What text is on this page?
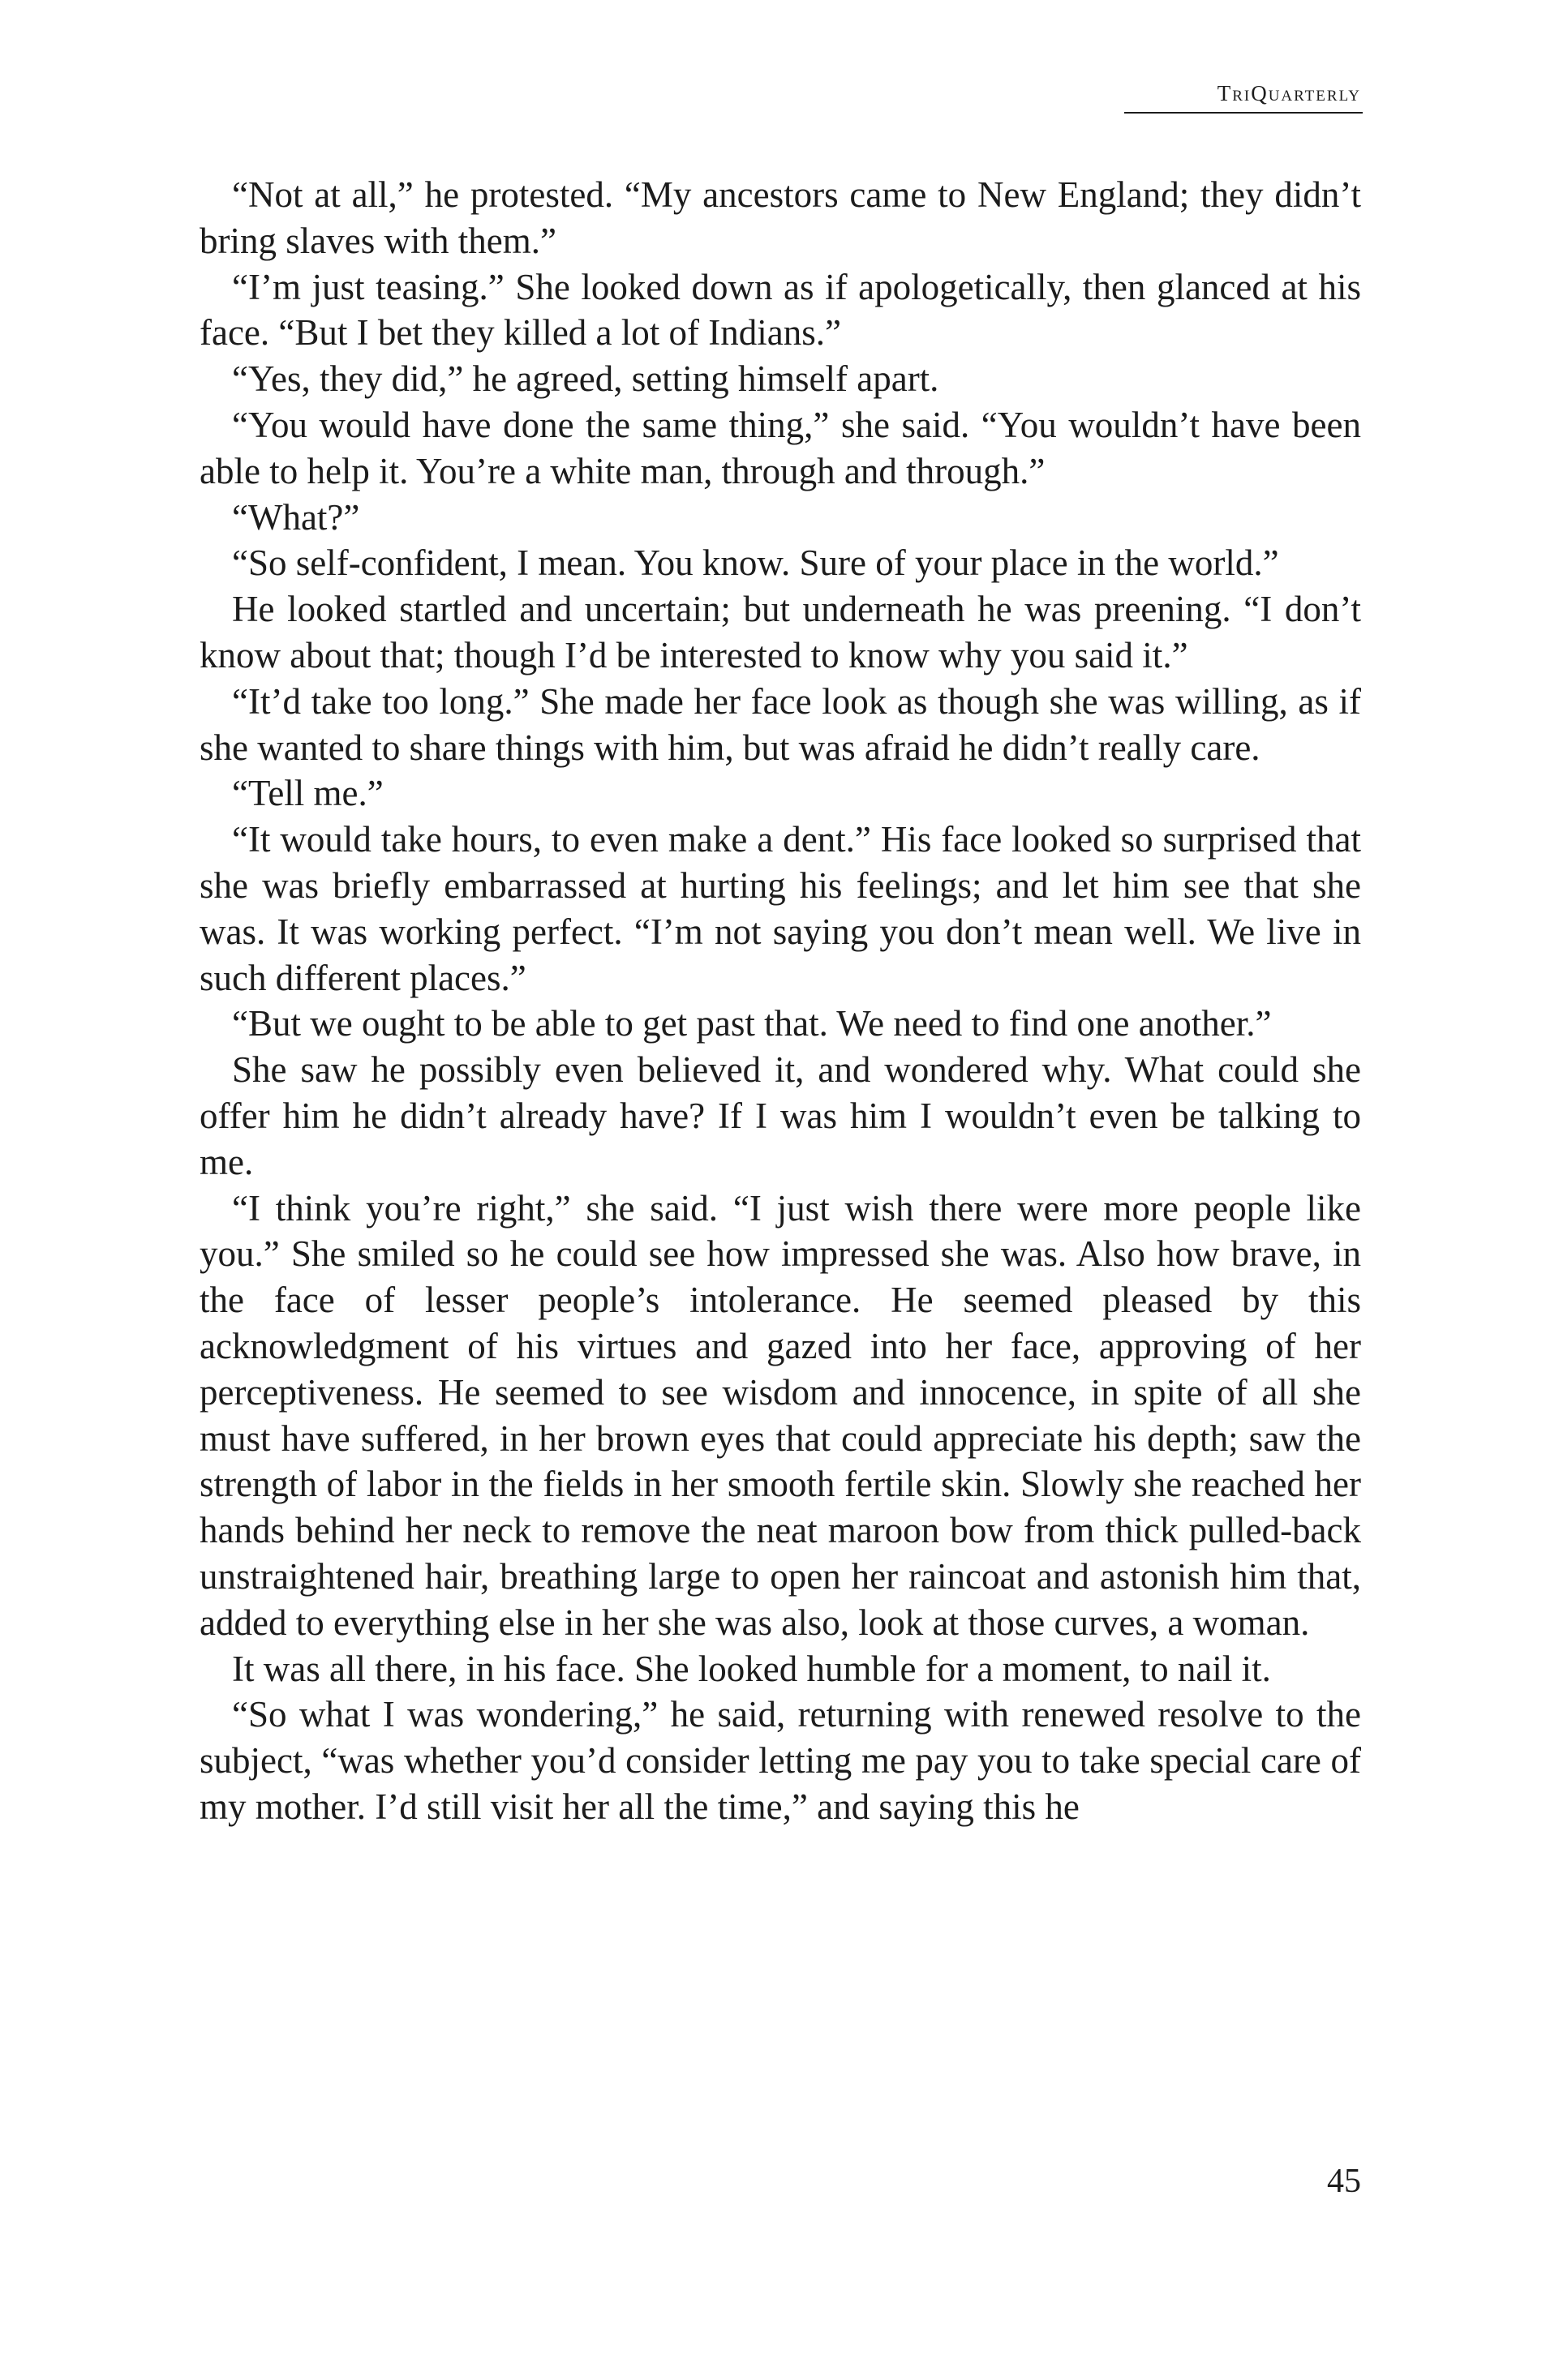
TriQuarterly

“Not at all,” he protested. “My ancestors came to New England; they didn’t bring slaves with them.”

“I’m just teasing.” She looked down as if apologetically, then glanced at his face. “But I bet they killed a lot of Indians.”

“Yes, they did,” he agreed, setting himself apart.

“You would have done the same thing,” she said. “You wouldn’t have been able to help it. You’re a white man, through and through.”

“What?”

“So self-confident, I mean. You know. Sure of your place in the world.”

He looked startled and uncertain; but underneath he was preening. “I don’t know about that; though I’d be interested to know why you said it.”

“It’d take too long.” She made her face look as though she was willing, as if she wanted to share things with him, but was afraid he didn’t really care.

“Tell me.”

“It would take hours, to even make a dent.” His face looked so surprised that she was briefly embarrassed at hurting his feelings; and let him see that she was. It was working perfect. “I’m not saying you don’t mean well. We live in such different places.”

“But we ought to be able to get past that. We need to find one another.”

She saw he possibly even believed it, and wondered why. What could she offer him he didn’t already have? If I was him I wouldn’t even be talking to me.

“I think you’re right,” she said. “I just wish there were more people like you.” She smiled so he could see how impressed she was. Also how brave, in the face of lesser people’s intolerance. He seemed pleased by this acknowledgment of his virtues and gazed into her face, approving of her perceptiveness. He seemed to see wisdom and innocence, in spite of all she must have suffered, in her brown eyes that could appreciate his depth; saw the strength of labor in the fields in her smooth fertile skin. Slowly she reached her hands behind her neck to remove the neat maroon bow from thick pulled-back unstraightened hair, breathing large to open her raincoat and astonish him that, added to everything else in her she was also, look at those curves, a woman.

It was all there, in his face. She looked humble for a moment, to nail it.

“So what I was wondering,” he said, returning with renewed resolve to the subject, “was whether you’d consider letting me pay you to take special care of my mother. I’d still visit her all the time,” and saying this he

45
